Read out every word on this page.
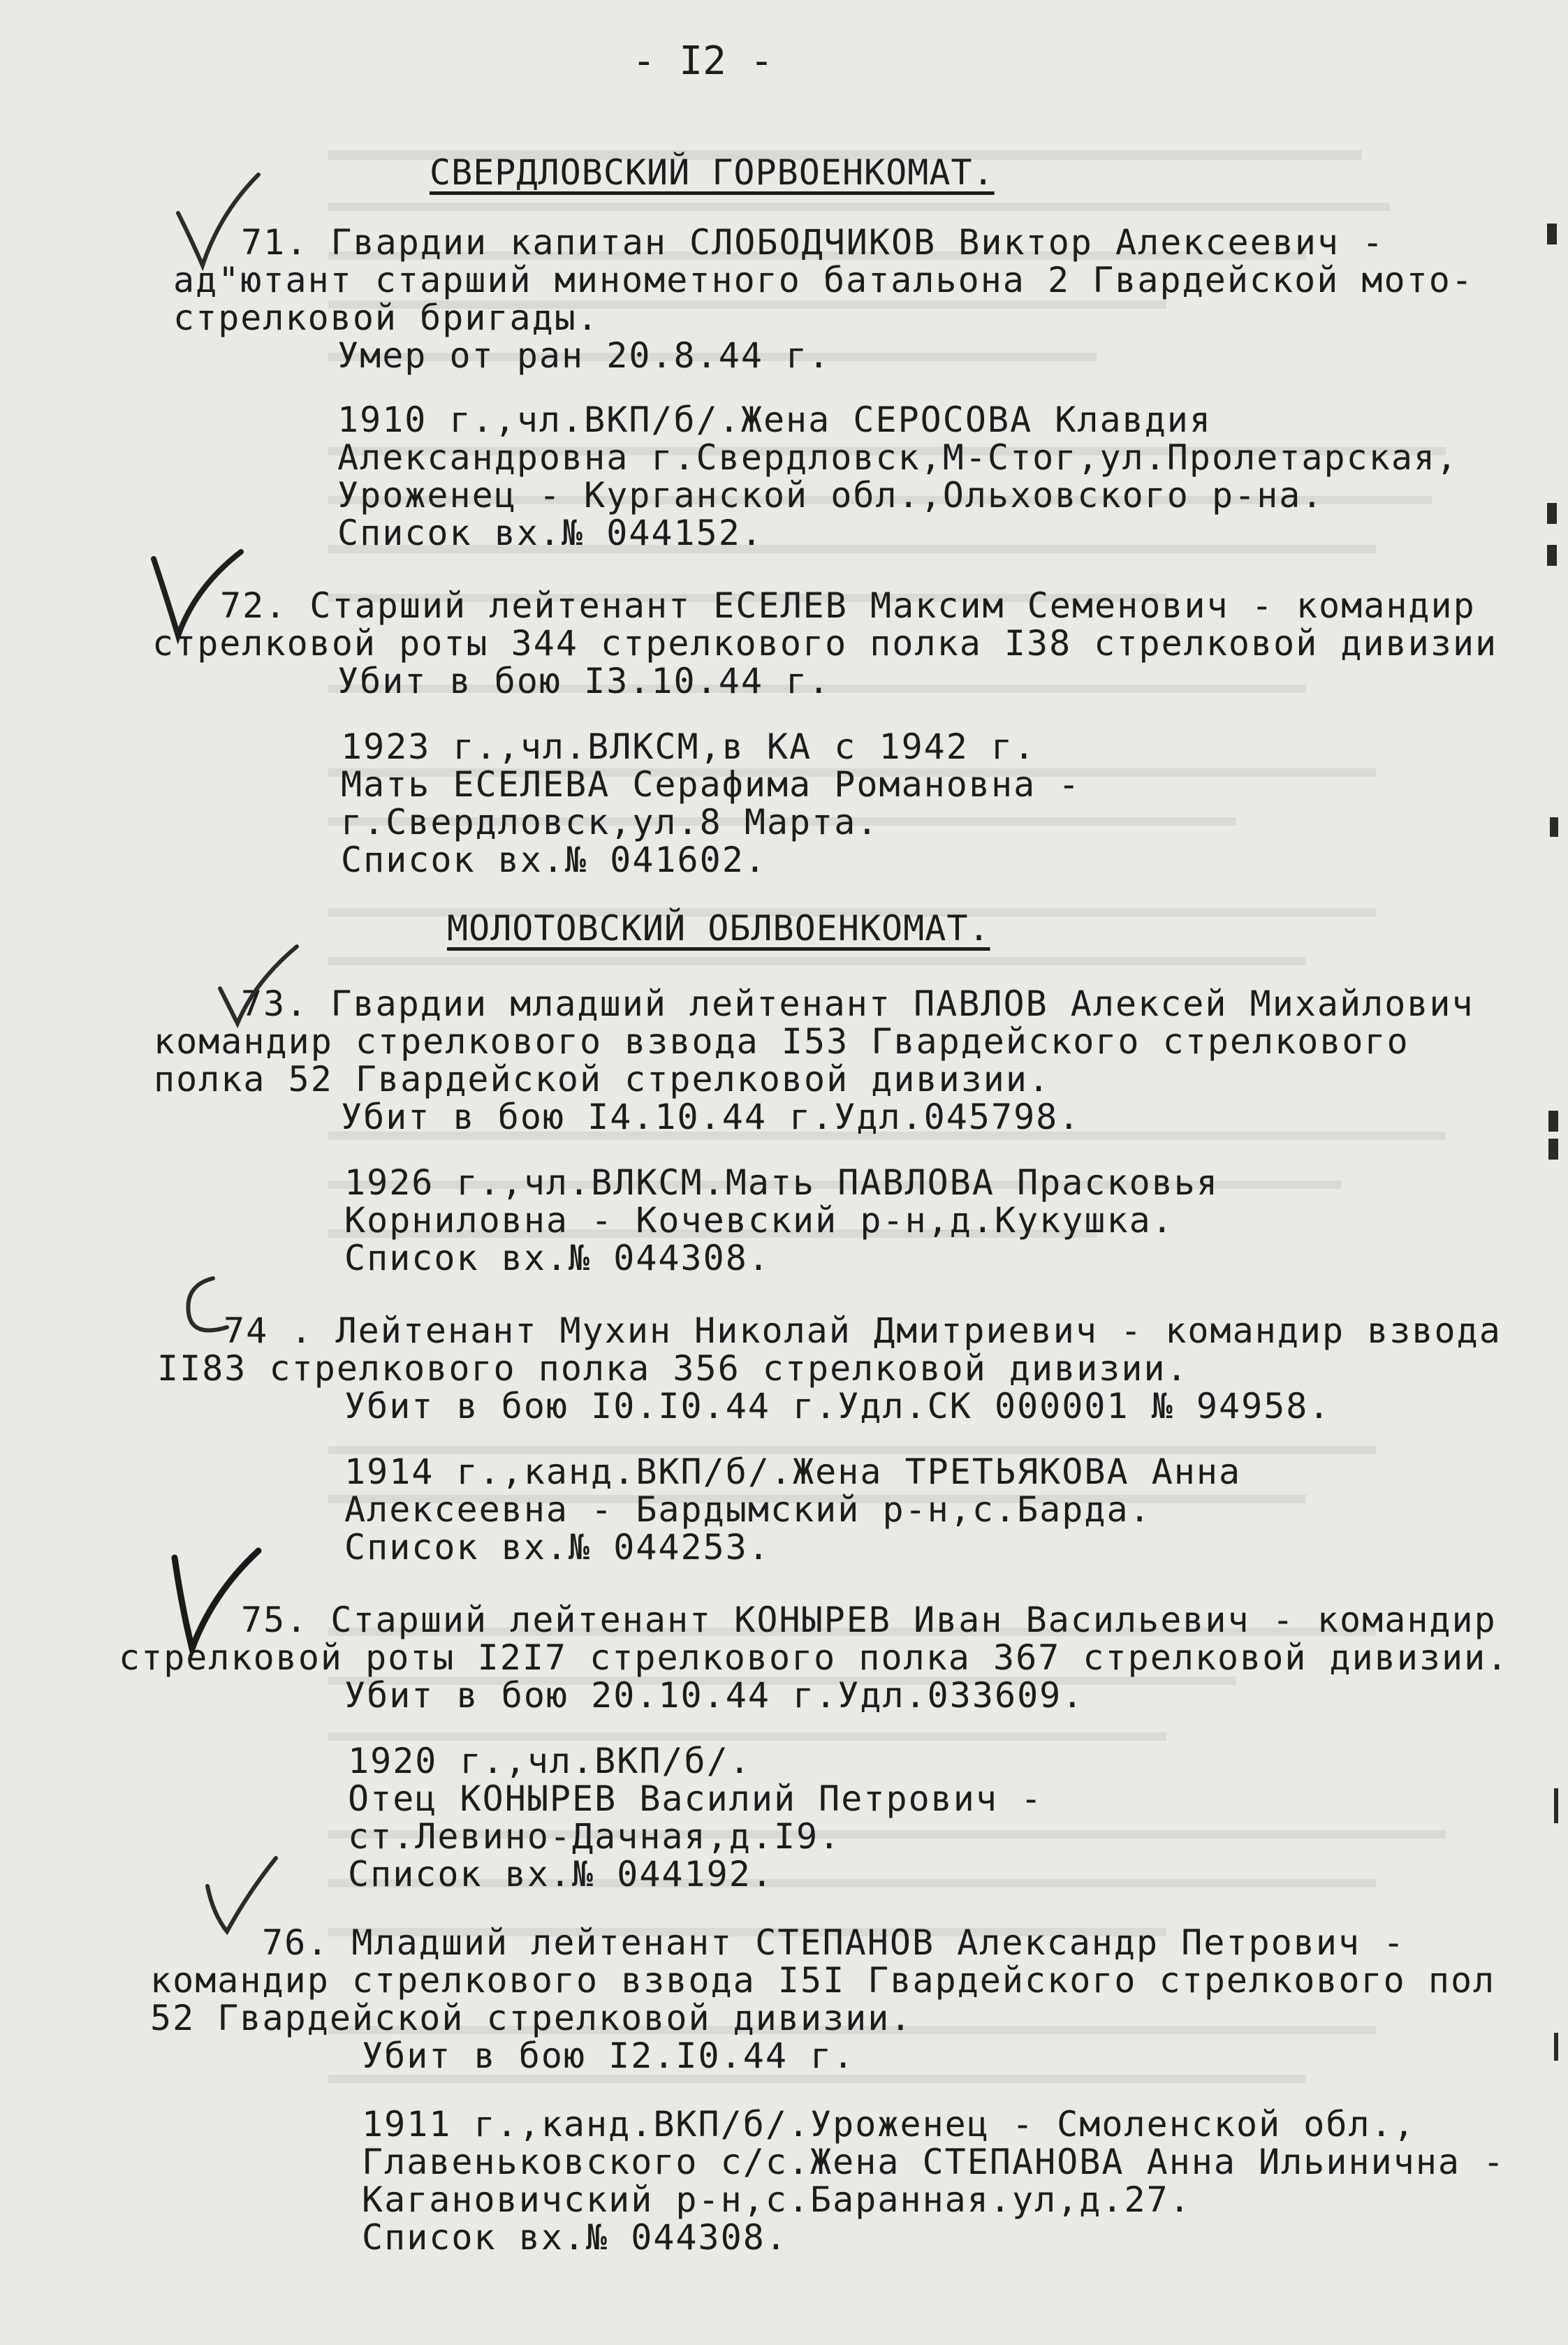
- I2 -
СВЕРДЛОВСКИЙ ГОРВОЕНКОМАТ.
71. Гвардии капитан СЛОБОДЧИКОВ Виктор Алексеевич -
ад"ютант старший минометного батальона 2 Гвардейской мото-
стрелковой бригады.
Умер от ран 20.8.44 г.
1910 г.,чл.ВКП/б/.Жена СЕРОСОВА Клавдия
Александровна г.Свердловск,М-Стог,ул.Пролетарская,
Уроженец - Курганской обл.,Ольховского р-на.
Список вх.№ 044152.
72. Старший лейтенант ЕСЕЛЕВ Максим Семенович - командир
стрелковой роты 344 стрелкового полка I38 стрелковой дивизии
Убит в бою I3.10.44 г.
1923 г.,чл.ВЛКСМ,в КА с 1942 г.
Мать ЕСЕЛЕВА Серафима Романовна -
г.Свердловск,ул.8 Марта.
Список вх.№ 041602.
МОЛОТОВСКИЙ ОБЛВОЕНКОМАТ.
73. Гвардии младший лейтенант ПАВЛОВ Алексей Михайлович
командир стрелкового взвода I53 Гвардейского стрелкового
полка 52 Гвардейской стрелковой дивизии.
Убит в бою I4.10.44 г.Удл.045798.
1926 г.,чл.ВЛКСМ.Мать ПАВЛОВА Прасковья
Корниловна - Кочевский р-н,д.Кукушка.
Список вх.№ 044308.
74 . Лейтенант Мухин Николай Дмитриевич - командир взвода
II83 стрелкового полка 356 стрелковой дивизии.
Убит в бою I0.I0.44 г.Удл.СК 000001 № 94958.
1914 г.,канд.ВКП/б/.Жена ТРЕТЬЯКОВА Анна
Алексеевна - Бардымский р-н,с.Барда.
Список вх.№ 044253.
75. Старший лейтенант КОНЫРЕВ Иван Васильевич - командир
стрелковой роты I2I7 стрелкового полка 367 стрелковой дивизии.
Убит в бою 20.10.44 г.Удл.033609.
1920 г.,чл.ВКП/б/.
Отец КОНЫРЕВ Василий Петрович -
ст.Левино-Дачная,д.I9.
Список вх.№ 044192.
76. Младший лейтенант СТЕПАНОВ Александр Петрович -
командир стрелкового взвода I5I Гвардейского стрелкового пол
52 Гвардейской стрелковой дивизии.
Убит в бою I2.I0.44 г.
1911 г.,канд.ВКП/б/.Уроженец - Смоленской обл.,
Главеньковского с/с.Жена СТЕПАНОВА Анна Ильинична -
Кагановичский р-н,с.Баранная.ул,д.27.
Список вх.№ 044308.
